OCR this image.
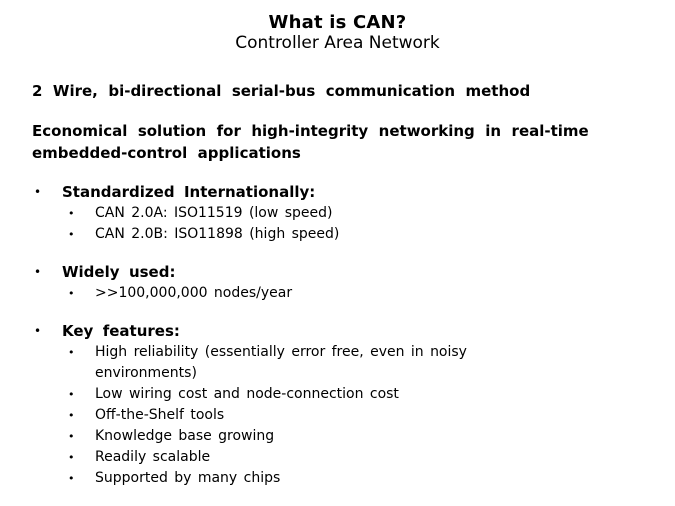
What is CAN?
Controller Area Network

2 Wire, bi-directional serial-bus communication method

Economical solution for high-integrity networking in real-time embedded-control applications

•	Standardized Internationally:
•	CAN 2.0A: ISO11519 (low speed)
•	CAN 2.0B: ISO11898 (high speed)
•	Widely used:
•	>>100,000,000 nodes/year
•	Key features:
•	High reliability (essentially error free, even in noisy environments)
•	Low wiring cost and node-connection cost
•	Off-the-Shelf tools
•	Knowledge base growing
•	Readily scalable
•	Supported by many chips
